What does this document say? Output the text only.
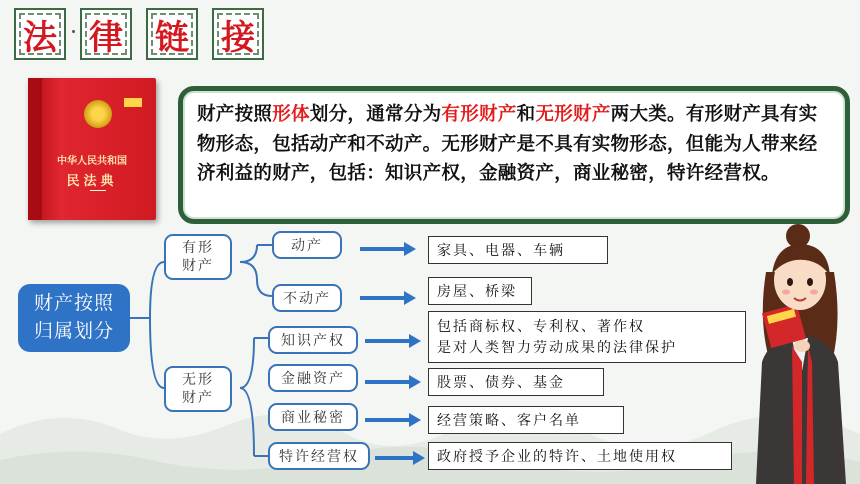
法 律 链 接
中华人民共和国
民法典
财产按照形体划分，通常分为有形财产和无形财产两大类。有形财产具有实物形态，包括动产和不动产。无形财产是不具有实物形态，但能为人带来经济利益的财产，包括：知识产权，金融资产，商业秘密，特许经营权。
财产按照
归属划分
有形
财产
无形
财产
动产
不动产
知识产权
金融资产
商业秘密
特许经营权
家具、电器、车辆
房屋、桥梁
包括商标权、专利权、著作权
是对人类智力劳动成果的法律保护
股票、债券、基金
经营策略、客户名单
政府授予企业的特许、土地使用权
